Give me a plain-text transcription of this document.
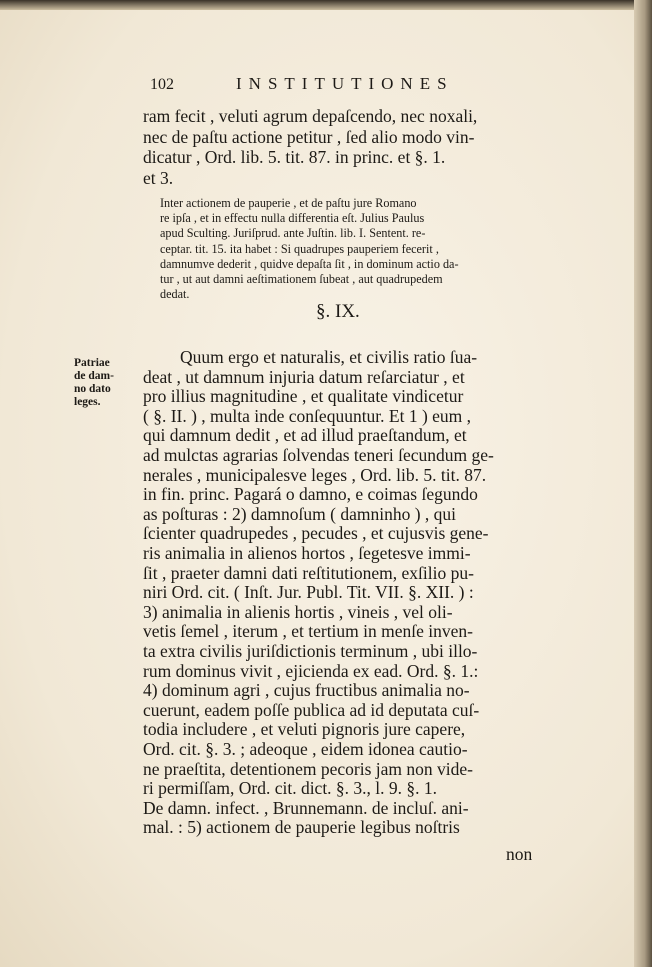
102	INSTITUTIONES
ram fecit , veluti agrum depaſcendo, nec noxali,
nec de paſtu actione petitur , ſed alio modo vin-
dicatur , Ord. lib. 5. tit. 87. in princ. et §. 1.
et 3.
Inter actionem de pauperie , et de paſtu jure Romano
re ipſa , et in effectu nulla differentia eſt. Julius Paulus
apud Sculting. Juriſprud. ante Juſtin. lib. I. Sentent. re-
ceptar. tit. 15. ita habet : Si quadrupes pauperiem fecerit ,
damnumve dederit , quidve depaſta ſit , in dominum actio da-
tur , ut aut damni aeſtimationem ſubeat , aut quadrupedem
dedat.
§. IX.
Patriae
de dam-
no dato
leges.
Quum ergo et naturalis, et civilis ratio ſua-
deat , ut damnum injuria datum reſarciatur , et
pro illius magnitudine , et qualitate vindicetur
( §. II. ) , multa inde conſequuntur. Et 1 ) eum ,
qui damnum dedit , et ad illud praeſtandum, et
ad mulctas agrarias ſolvendas teneri ſecundum ge-
nerales , municipalesve leges , Ord. lib. 5. tit. 87.
in fin. princ. Pagará o damno, e coimas ſegundo
as poſturas : 2) damnoſum ( damninho ) , qui
ſcienter quadrupedes , pecudes , et cujusvis gene-
ris animalia in alienos hortos , ſegetesve immi-
ſit , praeter damni dati reſtitutionem, exſilio pu-
niri Ord. cit. ( Inſt. Jur. Publ. Tit. VII. §. XII. ) :
3) animalia in alienis hortis , vineis , vel oli-
vetis ſemel , iterum , et tertium in menſe inven-
ta extra civilis juriſdictionis terminum , ubi illo-
rum dominus vivit , ejicienda ex ead. Ord. §. 1.:
4) dominum agri , cujus fructibus animalia no-
cuerunt, eadem poſſe publica ad id deputata cuſ-
todia includere , et veluti pignoris jure capere,
Ord. cit. §. 3. ; adeoque , eidem idonea cautio-
ne praeſtita, detentionem pecoris jam non vide-
ri permiſſam, Ord. cit. dict. §. 3., l. 9. §. 1.
De damn. infect. , Brunnemann. de incluſ. ani-
mal. : 5) actionem de pauperie legibus noſtris
non
